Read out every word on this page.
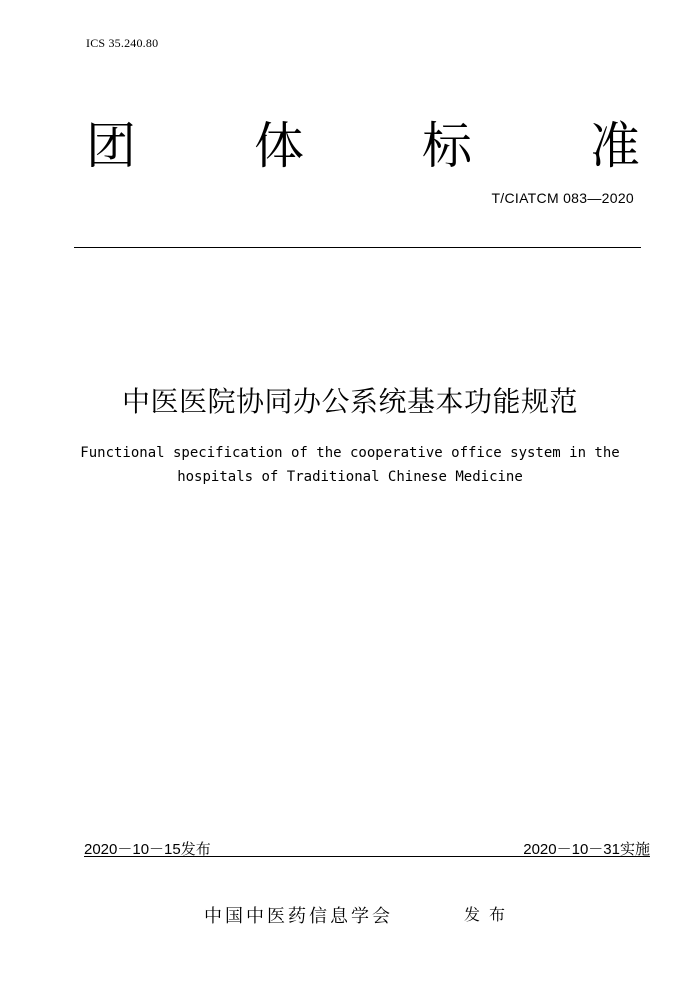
ICS 35.240.80
团 体 标 准
T/CIATCM 083—2020
中医医院协同办公系统基本功能规范
Functional specification of the cooperative office system in the
hospitals of Traditional Chinese Medicine
2020－10－15发布	2020－10－31实施
中国中医药信息学会	发布
